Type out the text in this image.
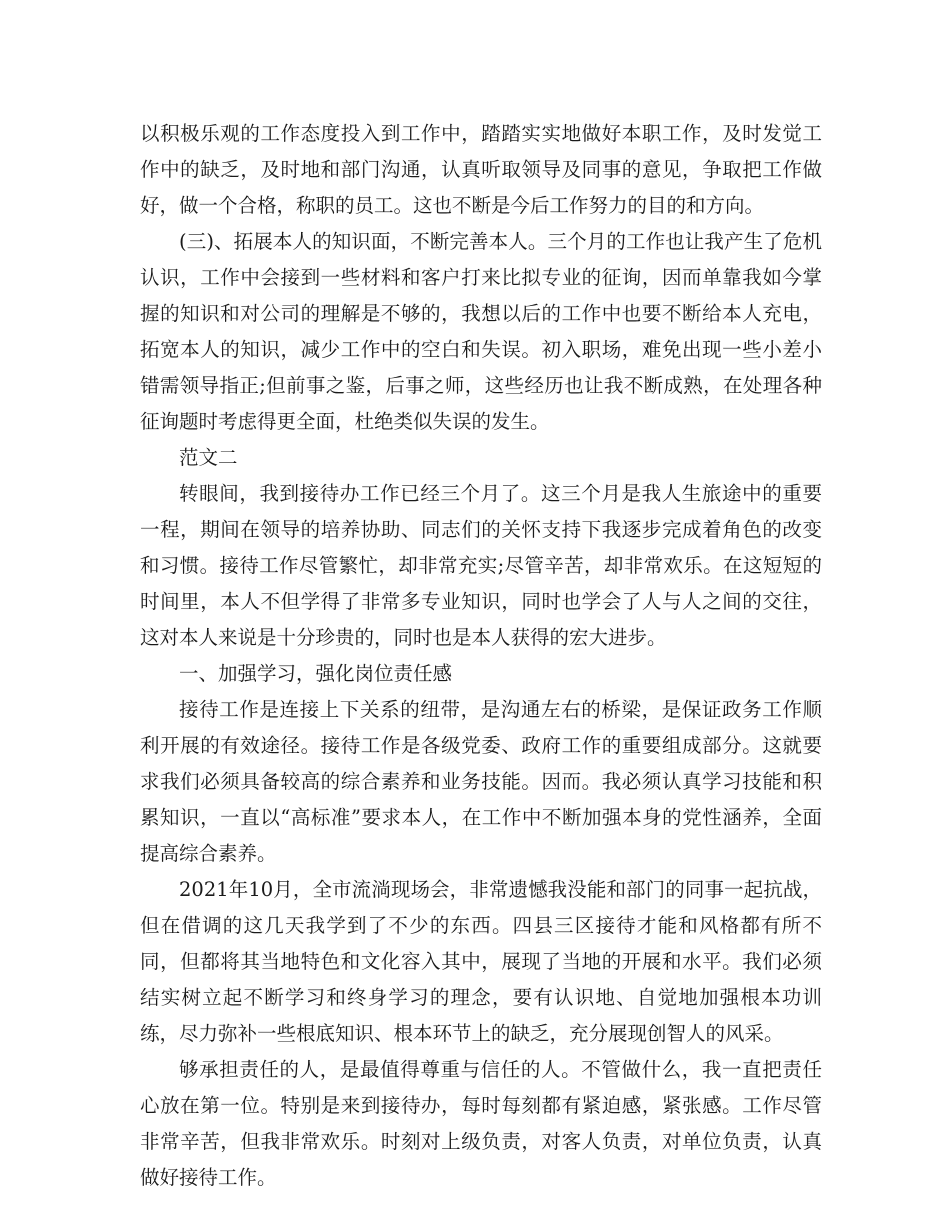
以积极乐观的工作态度投入到工作中，踏踏实实地做好本职工作，及时发觉工作中的缺乏，及时地和部门沟通，认真听取领导及同事的意见，争取把工作做好，做一个合格，称职的员工。这也不断是今后工作努力的目的和方向。

(三)、拓展本人的知识面，不断完善本人。三个月的工作也让我产生了危机认识，工作中会接到一些材料和客户打来比拟专业的征询，因而单靠我如今掌握的知识和对公司的理解是不够的，我想以后的工作中也要不断给本人充电，拓宽本人的知识，减少工作中的空白和失误。初入职场，难免出现一些小差小错需领导指正;但前事之鉴，后事之师，这些经历也让我不断成熟，在处理各种征询题时考虑得更全面，杜绝类似失误的发生。

范文二

转眼间，我到接待办工作已经三个月了。这三个月是我人生旅途中的重要一程，期间在领导的培养协助、同志们的关怀支持下我逐步完成着角色的改变和习惯。接待工作尽管繁忙，却非常充实;尽管辛苦，却非常欢乐。在这短短的时间里，本人不但学得了非常多专业知识，同时也学会了人与人之间的交往，这对本人来说是十分珍贵的，同时也是本人获得的宏大进步。

一、加强学习，强化岗位责任感

接待工作是连接上下关系的纽带，是沟通左右的桥梁，是保证政务工作顺利开展的有效途径。接待工作是各级党委、政府工作的重要组成部分。这就要求我们必须具备较高的综合素养和业务技能。因而。我必须认真学习技能和积累知识，一直以“高标准”要求本人，在工作中不断加强本身的党性涵养，全面提高综合素养。

2021年10月，全市流淌现场会，非常遗憾我没能和部门的同事一起抗战，但在借调的这几天我学到了不少的东西。四县三区接待才能和风格都有所不同，但都将其当地特色和文化容入其中，展现了当地的开展和水平。我们必须结实树立起不断学习和终身学习的理念，要有认识地、自觉地加强根本功训练，尽力弥补一些根底知识、根本环节上的缺乏，充分展现创智人的风采。

够承担责任的人，是最值得尊重与信任的人。不管做什么，我一直把责任心放在第一位。特别是来到接待办，每时每刻都有紧迫感，紧张感。工作尽管非常辛苦，但我非常欢乐。时刻对上级负责，对客人负责，对单位负责，认真做好接待工作。
